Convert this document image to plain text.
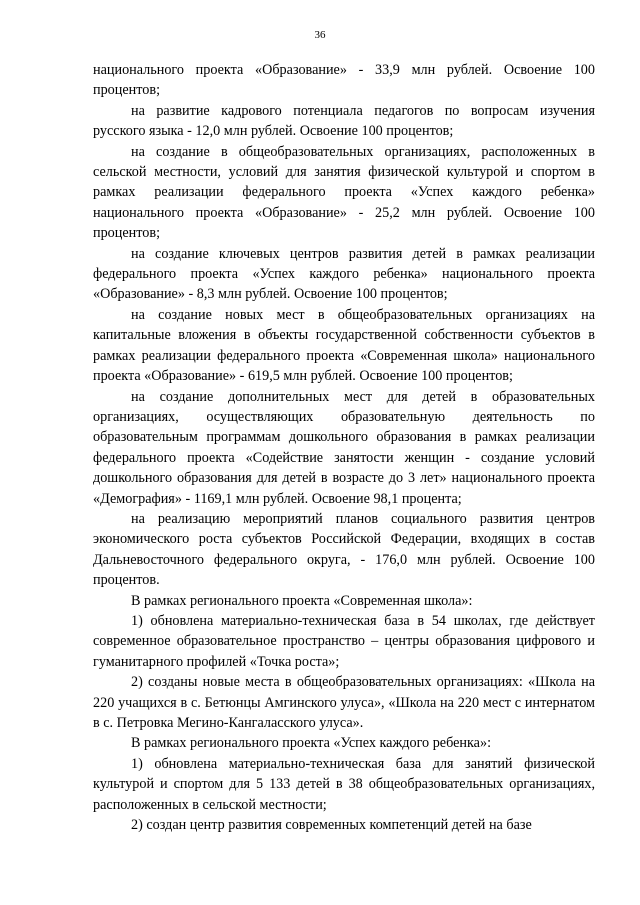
36

национального проекта «Образование» - 33,9 млн рублей. Освоение 100 процентов;

на развитие кадрового потенциала педагогов по вопросам изучения русского языка - 12,0 млн рублей. Освоение 100 процентов;

на создание в общеобразовательных организациях, расположенных в сельской местности, условий для занятия физической культурой и спортом в рамках реализации федерального проекта «Успех каждого ребенка» национального проекта «Образование» - 25,2 млн рублей. Освоение 100 процентов;

на создание ключевых центров развития детей в рамках реализации федерального проекта «Успех каждого ребенка» национального проекта «Образование» - 8,3 млн рублей. Освоение 100 процентов;

на создание новых мест в общеобразовательных организациях на капитальные вложения в объекты государственной собственности субъектов в рамках реализации федерального проекта «Современная школа» национального проекта «Образование» - 619,5 млн рублей. Освоение 100 процентов;

на создание дополнительных мест для детей в образовательных организациях, осуществляющих образовательную деятельность по образовательным программам дошкольного образования в рамках реализации федерального проекта «Содействие занятости женщин - создание условий дошкольного образования для детей в возрасте до 3 лет» национального проекта «Демография» - 1169,1 млн рублей. Освоение 98,1 процента;

на реализацию мероприятий планов социального развития центров экономического роста субъектов Российской Федерации, входящих в состав Дальневосточного федерального округа, - 176,0 млн рублей. Освоение 100 процентов.

В рамках регионального проекта «Современная школа»:

1) обновлена материально-техническая база в 54 школах, где действует современное образовательное пространство – центры образования цифрового и гуманитарного профилей «Точка роста»;

2) созданы новые места в общеобразовательных организациях: «Школа на 220 учащихся в с. Бетюнцы Амгинского улуса», «Школа на 220 мест с интернатом в с. Петровка Мегино-Кангаласского улуса».

В рамках регионального проекта «Успех каждого ребенка»:

1) обновлена материально-техническая база для занятий физической культурой и спортом для 5 133 детей в 38 общеобразовательных организациях, расположенных в сельской местности;

2) создан центр развития современных компетенций детей на базе
